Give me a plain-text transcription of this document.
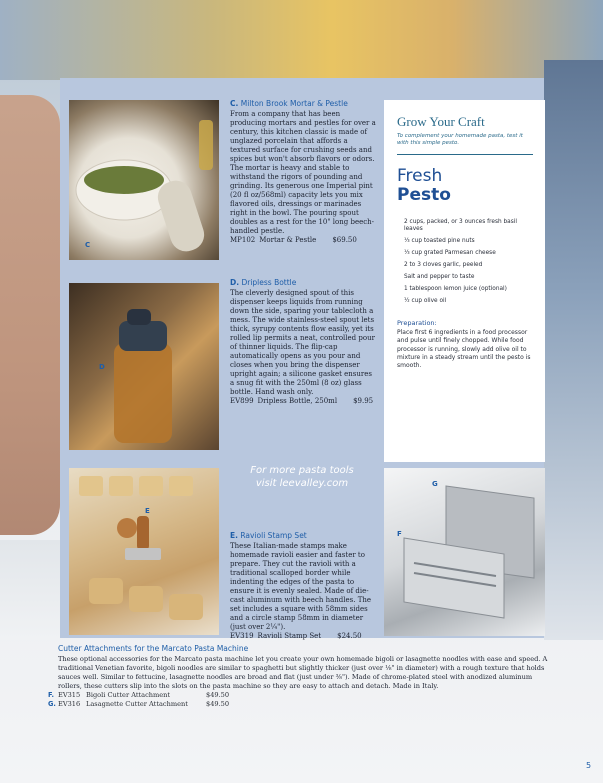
C
D
E
G
F
C. Milton Brook Mortar & Pestle
From a company that has been producing mortars and pestles for over a century, this kitchen classic is made of unglazed porcelain that affords a textured surface for crushing seeds and spices but won't absorb flavors or odors. The mortar is heavy and stable to withstand the rigors of pounding and grinding. Its generous one Imperial pint (20 fl oz/568ml) capacity lets you mix flavored oils, dressings or marinades right in the bowl. The pouring spout doubles as a rest for the 10" long beech-handled pestle.
MP102 Mortar & Pestle $69.50
D. Dripless Bottle
The cleverly designed spout of this dispenser keeps liquids from running down the side, sparing your tablecloth a mess. The wide stainless-steel spout lets thick, syrupy contents flow easily, yet its rolled lip permits a neat, controlled pour of thinner liquids. The flip-cap automatically opens as you pour and closes when you bring the dispenser upright again; a silicone gasket ensures a snug fit with the 250ml (8 oz) glass bottle. Hand wash only.
EV899 Dripless Bottle, 250ml $9.95
For more pasta tools
visit leevalley.com
E. Ravioli Stamp Set
These Italian-made stamps make homemade ravioli easier and faster to prepare. They cut the ravioli with a traditional scalloped border while indenting the edges of the pasta to ensure it is evenly sealed. Made of die-cast aluminum with beech handles. The set includes a square with 58mm sides and a circle stamp 58mm in diameter (just over 2¼").
EV319 Ravioli Stamp Set $24.50
Grow Your Craft
To complement your homemade pasta, test it with this simple pesto.
Fresh
Pesto
2 cups, packed, or 3 ounces fresh basil leaves
⅓ cup toasted pine nuts
⅓ cup grated Parmesan cheese
2 to 3 cloves garlic, peeled
Salt and pepper to taste
1 tablespoon lemon juice (optional)
½ cup olive oil
Preparation:
Place first 6 ingredients in a food processor and pulse until finely chopped. While food processor is running, slowly add olive oil to mixture in a steady stream until the pesto is smooth.
Cutter Attachments for the Marcato Pasta Machine
These optional accessories for the Marcato pasta machine let you create your own homemade bigoli or lasagnette noodles with ease and speed. A traditional Venetian favorite, bigoli noodles are similar to spaghetti but slightly thicker (just over ⅛" in diameter) with a rough texture that holds sauces well. Similar to fettucine, lasagnette noodles are broad and flat (just under ⅜"). Made of chrome-plated steel with anodized aluminum rollers, these cutters slip into the slots on the pasta machine so they are easy to attach and detach. Made in Italy.
F. EV315 Bigoli Cutter Attachment	$49.50
G. EV316 Lasagnette Cutter Attachment	$49.50
5
